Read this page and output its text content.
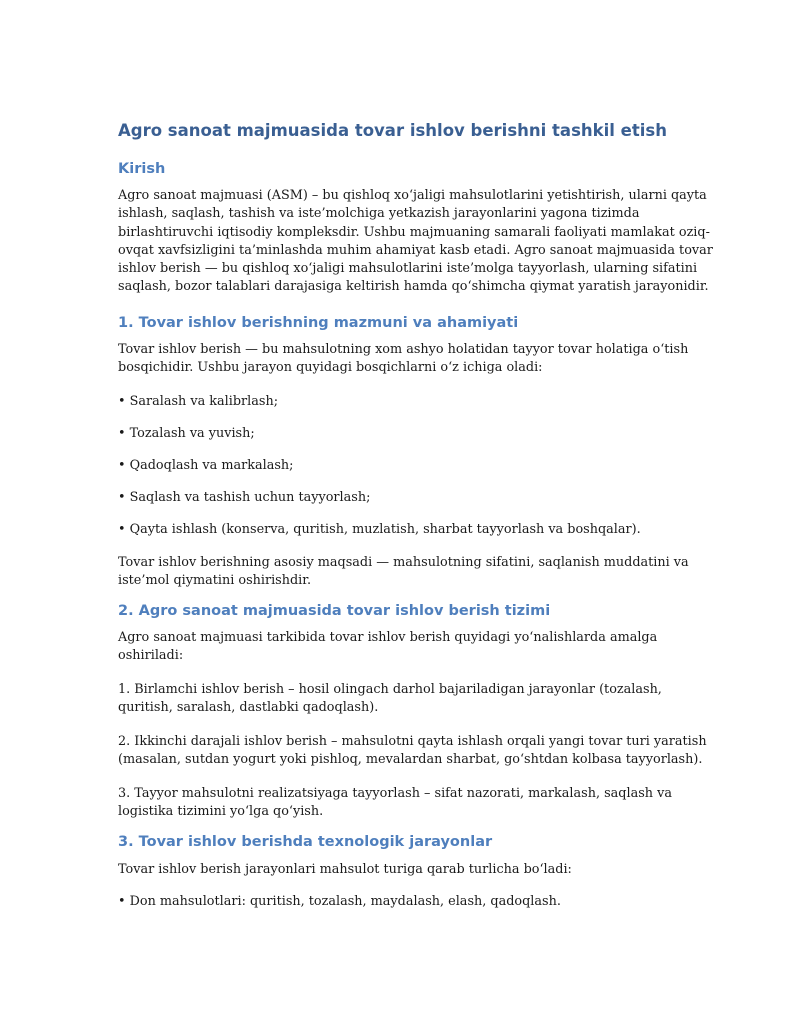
Agro sanoat majmuasida tovar ishlov berishni tashkil etish
Kirish

Agro sanoat majmuasi (ASM) – bu qishloq xo‘jaligi mahsulotlarini yetishtirish, ularni qayta
ishlash, saqlash, tashish va iste’molchiga yetkazish jarayonlarini yagona tizimda
birlashtiruvchi iqtisodiy kompleksdir. Ushbu majmuaning samarali faoliyati mamlakat oziq-
ovqat xavfsizligini ta’minlashda muhim ahamiyat kasb etadi. Agro sanoat majmuasida tovar
ishlov berish — bu qishloq xo‘jaligi mahsulotlarini iste’molga tayyorlash, ularning sifatini
saqlash, bozor talablari darajasiga keltirish hamda qo‘shimcha qiymat yaratish jarayonidir.

1. Tovar ishlov berishning mazmuni va ahamiyati

Tovar ishlov berish — bu mahsulotning xom ashyo holatidan tayyor tovar holatiga o‘tish
bosqichidir. Ushbu jarayon quyidagi bosqichlarni o‘z ichiga oladi:

• Saralash va kalibrlash;

• Tozalash va yuvish;

• Qadoqlash va markalash;

• Saqlash va tashish uchun tayyorlash;

• Qayta ishlash (konserva, quritish, muzlatish, sharbat tayyorlash va boshqalar).

Tovar ishlov berishning asosiy maqsadi — mahsulotning sifatini, saqlanish muddatini va
iste’mol qiymatini oshirishdir.

2. Agro sanoat majmuasida tovar ishlov berish tizimi

Agro sanoat majmuasi tarkibida tovar ishlov berish quyidagi yo‘nalishlarda amalga
oshiriladi:

1. Birlamchi ishlov berish – hosil olingach darhol bajariladigan jarayonlar (tozalash,
quritish, saralash, dastlabki qadoqlash).

2. Ikkinchi darajali ishlov berish – mahsulotni qayta ishlash orqali yangi tovar turi yaratish
(masalan, sutdan yogurt yoki pishloq, mevalardan sharbat, go‘shtdan kolbasa tayyorlash).

3. Tayyor mahsulotni realizatsiyaga tayyorlash – sifat nazorati, markalash, saqlash va
logistika tizimini yo‘lga qo‘yish.

3. Tovar ishlov berishda texnologik jarayonlar

Tovar ishlov berish jarayonlari mahsulot turiga qarab turlicha bo‘ladi:

• Don mahsulotlari: quritish, tozalash, maydalash, elash, qadoqlash.
